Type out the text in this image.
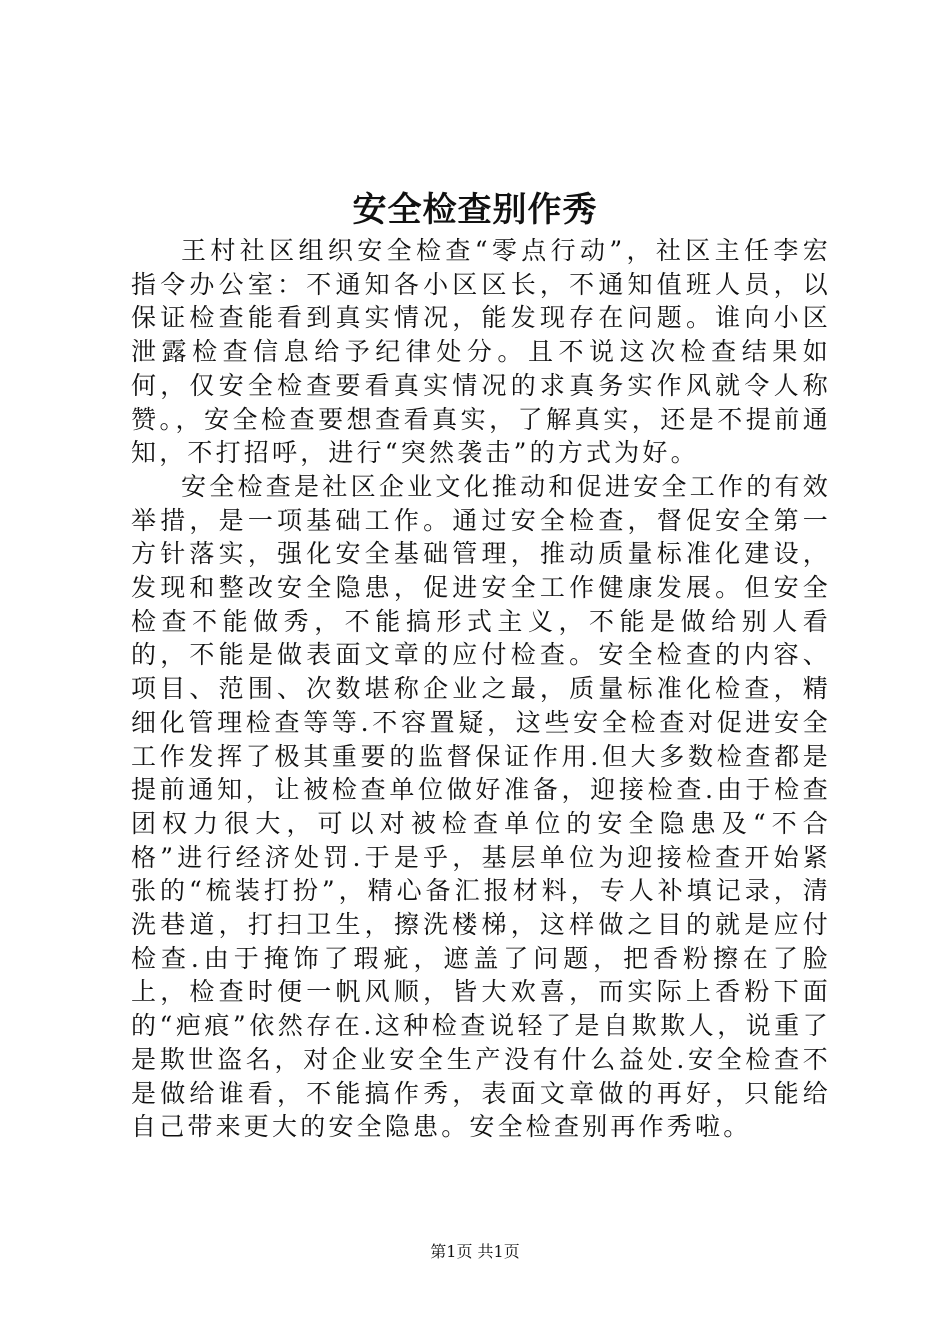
安全检查别作秀

王村社区组织安全检查“零点行动”，社区主任李宏指令办公室：不通知各小区区长，不通知值班人员，以保证检查能看到真实情况，能发现存在问题。谁向小区泄露检查信息给予纪律处分。且不说这次检查结果如何，仅安全检查要看真实情况的求真务实作风就令人称赞。，安全检查要想查看真实，了解真实，还是不提前通知，不打招呼，进行“突然袭击”的方式为好。

安全检查是社区企业文化推动和促进安全工作的有效举措，是一项基础工作。通过安全检查，督促安全第一方针落实，强化安全基础管理，推动质量标准化建设，发现和整改安全隐患，促进安全工作健康发展。但安全检查不能做秀，不能搞形式主义，不能是做给别人看的，不能是做表面文章的应付检查。安全检查的内容、项目、范围、次数堪称企业之最，质量标准化检查，精细化管理检查等等.不容置疑，这些安全检查对促进安全工作发挥了极其重要的监督保证作用.但大多数检查都是提前通知，让被检查单位做好准备，迎接检查.由于检查团权力很大，可以对被检查单位的安全隐患及“不合格”进行经济处罚.于是乎，基层单位为迎接检查开始紧张的“梳装打扮”，精心备汇报材料，专人补填记录，清洗巷道，打扫卫生，擦洗楼梯，这样做之目的就是应付检查.由于掩饰了瑕疵，遮盖了问题，把香粉擦在了脸上，检查时便一帆风顺，皆大欢喜，而实际上香粉下面的“疤痕”依然存在.这种检查说轻了是自欺欺人，说重了是欺世盗名，对企业安全生产没有什么益处.安全检查不是做给谁看，不能搞作秀，表面文章做的再好，只能给自己带来更大的安全隐患。安全检查别再作秀啦。

第1页 共1页
